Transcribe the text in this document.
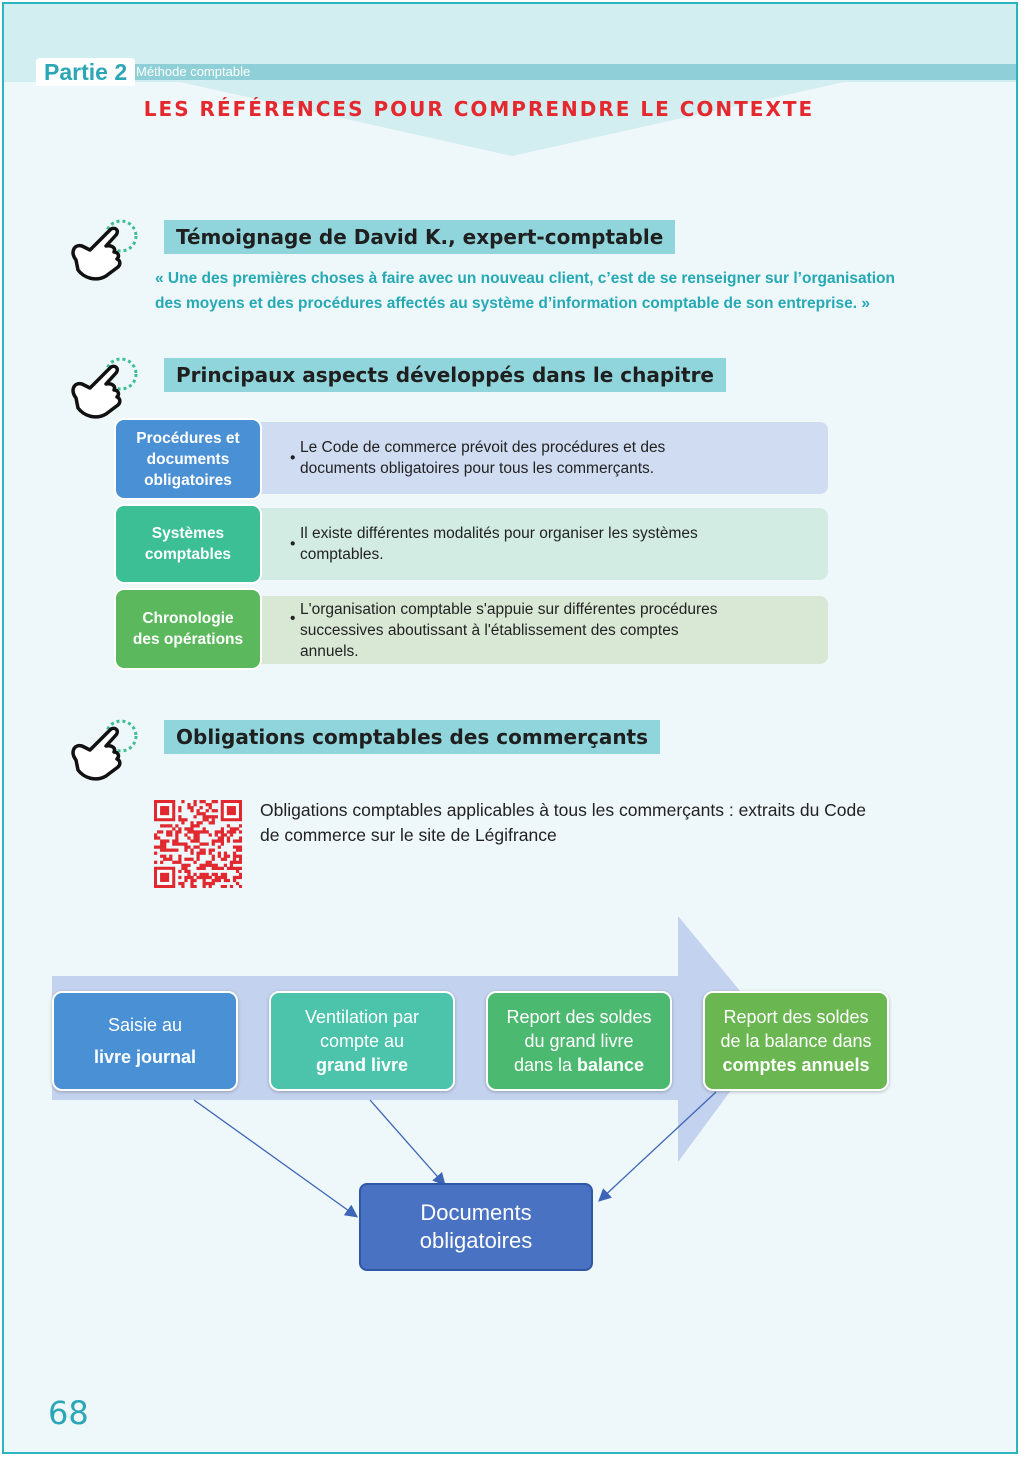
Partie 2 Méthode comptable
LES RÉFÉRENCES POUR COMPRENDRE LE CONTEXTE
Témoignage de David K., expert-comptable
« Une des premières choses à faire avec un nouveau client, c’est de se renseigner sur l’organisation
des moyens et des procédures affectés au système d’information comptable de son entreprise. »
Principaux aspects développés dans le chapitre
•
Le Code de commerce prévoit des procédures et des
documents obligatoires pour tous les commerçants.
Procédures et
documents
obligatoires
•
Il existe différentes modalités pour organiser les systèmes
comptables.
Systèmes
comptables
•
L'organisation comptable s'appuie sur différentes procédures
successives aboutissant à l'établissement des comptes
annuels.
Chronologie
des opérations
Obligations comptables des commerçants
Obligations comptables applicables à tous les commerçants : extraits du Code
de commerce sur le site de Légifrance
Saisie au
livre journal
Ventilation par
compte au
grand livre
Report des soldes
du grand livre
dans la balance
Report des soldes
de la balance dans
comptes annuels
Documents
obligatoires
68
